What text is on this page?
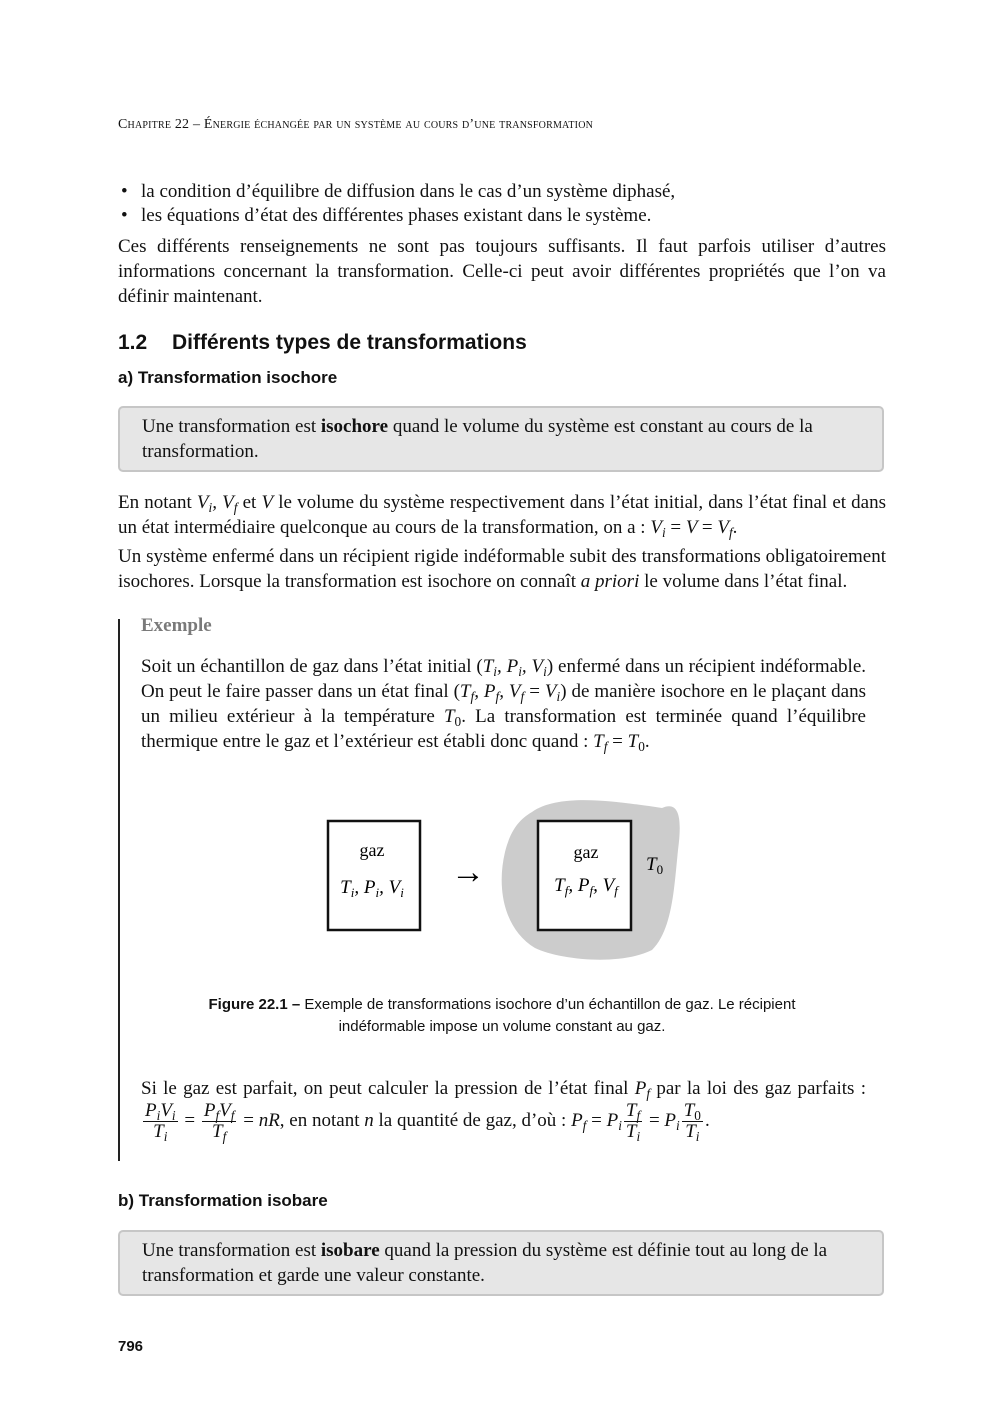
Chapitre 22 – Énergie échangée par un système au cours d’une transformation
• la condition d’équilibre de diffusion dans le cas d’un système diphasé,
• les équations d’état des différentes phases existant dans le système.
Ces différents renseignements ne sont pas toujours suffisants. Il faut parfois utiliser d’autres informations concernant la transformation. Celle-ci peut avoir différentes propriétés que l’on va définir maintenant.
1.2 Différents types de transformations
a) Transformation isochore
Une transformation est isochore quand le volume du système est constant au cours de la transformation.
En notant $V_i$, $V_f$ et V le volume du système respectivement dans l’état initial, dans l’état final et dans un état intermédiaire quelconque au cours de la transformation, on a : $V_i = V = V_f$.
Un système enfermé dans un récipient rigide indéformable subit des transformations obligatoirement isochores. Lorsque la transformation est isochore on connaît a priori le volume dans l’état final.
Exemple
Soit un échantillon de gaz dans l’état initial ($T_i$, $P_i$, $V_i$) enfermé dans un récipient indéformable. On peut le faire passer dans un état final ($T_f$, $P_f$, $V_f = V_i$) de manière isochore en le plaçant dans un milieu extérieur à la température $T_0$. La transformation est terminée quand l’équilibre thermique entre le gaz et l’extérieur est établi donc quand : $T_f = T_0$.
gaz
$T_i$, $P_i$, $V_i$
→
gaz
$T_f$, $P_f$, $V_f$
$T_0$
Figure 22.1 – Exemple de transformations isochore d’un échantillon de gaz. Le récipient indéformable impose un volume constant au gaz.
Si le gaz est parfait, on peut calculer la pression de l’état final $P_f$ par la loi des gaz parfaits :
$\frac{P_iV_i}{T_i} = \frac{P_fV_f}{T_f}$ = nR, en notant n la quantité de gaz, d’où : $P_f = P_i \frac{T_f}{T_i} = P_i \frac{T_0}{T_i}$ .
b) Transformation isobare
Une transformation est isobare quand la pression du système est définie tout au long de la transformation et garde une valeur constante.
796
